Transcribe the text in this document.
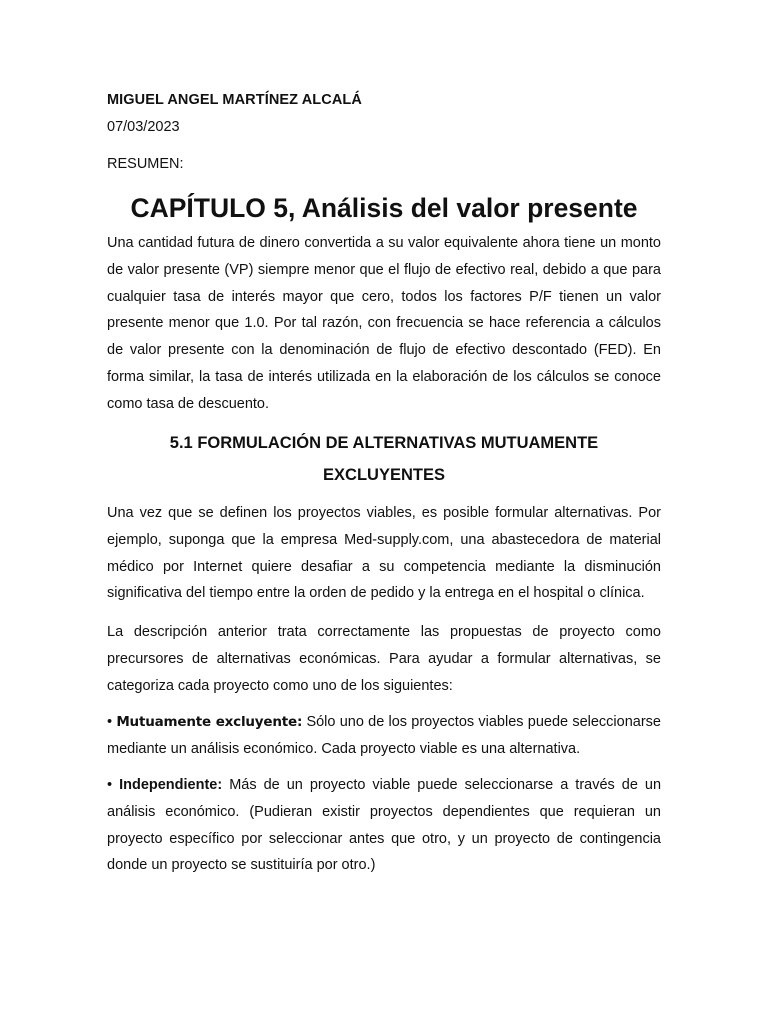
MIGUEL ANGEL MARTÍNEZ ALCALÁ
07/03/2023
RESUMEN:
CAPÍTULO 5, Análisis del valor presente

Una cantidad futura de dinero convertida a su valor equivalente ahora tiene un monto de valor presente (VP) siempre menor que el flujo de efectivo real, debido a que para cualquier tasa de interés mayor que cero, todos los factores P/F tienen un valor presente menor que 1.0. Por tal razón, con frecuencia se hace referencia a cálculos de valor presente con la denominación de flujo de efectivo descontado (FED). En forma similar, la tasa de interés utilizada en la elaboración de los cálculos se conoce como tasa de descuento.

5.1 FORMULACIÓN DE ALTERNATIVAS MUTUAMENTE EXCLUYENTES

Una vez que se definen los proyectos viables, es posible formular alternativas. Por ejemplo, suponga que la empresa Med-supply.com, una abastecedora de material médico por Internet quiere desafiar a su competencia mediante la disminución significativa del tiempo entre la orden de pedido y la entrega en el hospital o clínica.

La descripción anterior trata correctamente las propuestas de proyecto como precursores de alternativas económicas. Para ayudar a formular alternativas, se categoriza cada proyecto como uno de los siguientes:

• Mutuamente excluyente: Sólo uno de los proyectos viables puede seleccionarse mediante un análisis económico. Cada proyecto viable es una alternativa.

• Independiente: Más de un proyecto viable puede seleccionarse a través de un análisis económico. (Pudieran existir proyectos dependientes que requieran un proyecto específico por seleccionar antes que otro, y un proyecto de contingencia donde un proyecto se sustituiría por otro.)
